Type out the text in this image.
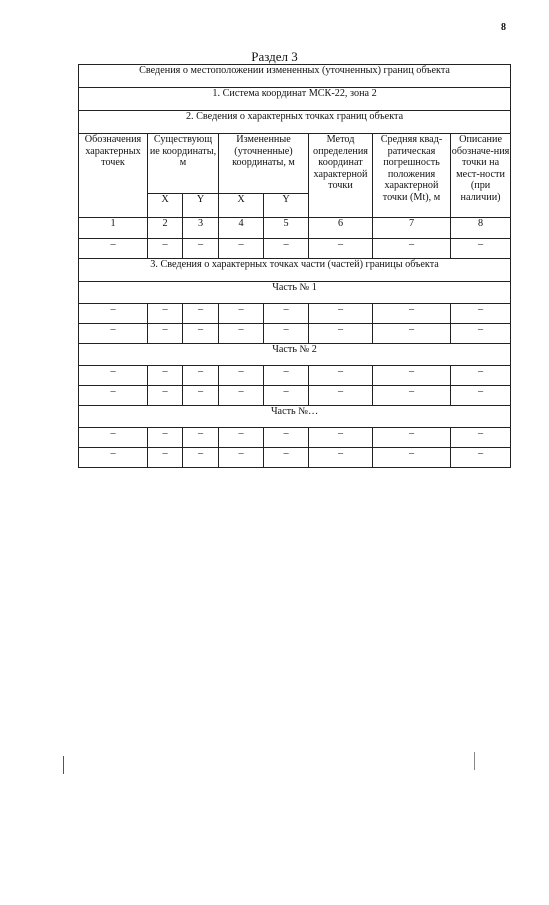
8
Раздел 3
Сведения о местоположении измененных (уточненных) границ объекта							
1. Система координат МСК-22, зона 2							
2. Сведения о характерных точках границ объекта							
Обозначения характерных точек	Существующ ие координаты, м		Измененные (уточненные) координаты, м		Метод определения координат характерной точки	Средняя квад-ратическая погрешность положения характерной точки (Mt), м	Описание обозначе-ния точки на мест-ности (при наличии)
	X	Y	X	Y			
1	2	3	4	5	6	7	8
–	–	–	–	–	–	–	–
3. Сведения о характерных точках части (частей) границы объекта							
Часть № 1							
–	–	–	–	–	–	–	–
–	–	–	–	–	–	–	–
Часть № 2							
–	–	–	–	–	–	–	–
–	–	–	–	–	–	–	–
Часть №…							
–	–	–	–	–	–	–	–
–	–	–	–	–	–	–	–
